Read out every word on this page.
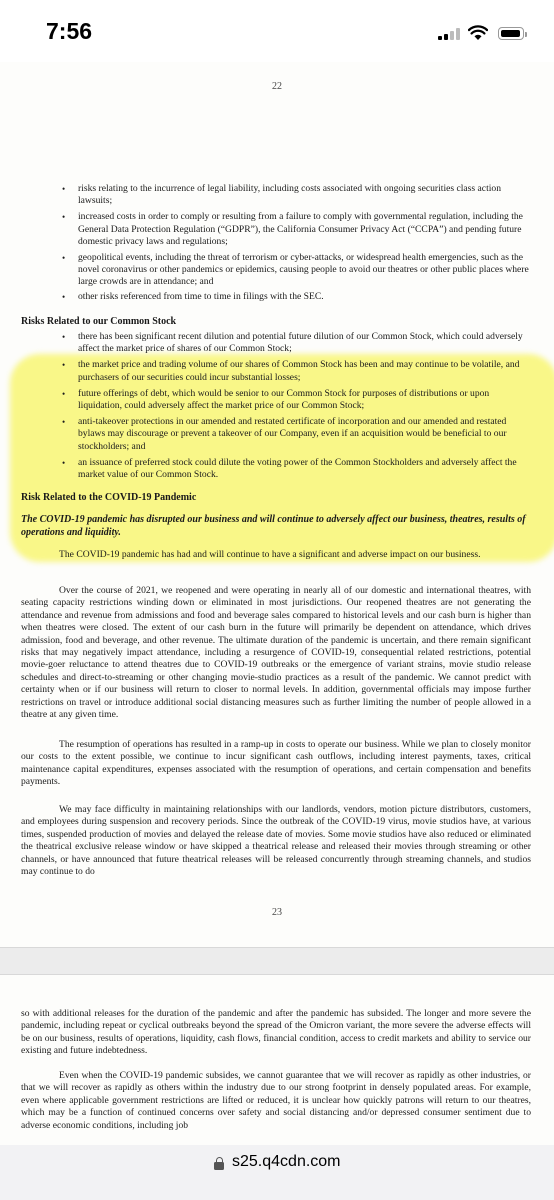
7:56
22
• risks relating to the incurrence of legal liability, including costs associated with ongoing securities class action lawsuits;
• increased costs in order to comply or resulting from a failure to comply with governmental regulation, including the General Data Protection Regulation (“GDPR”), the California Consumer Privacy Act (“CCPA”) and pending future domestic privacy laws and regulations;
• geopolitical events, including the threat of terrorism or cyber-attacks, or widespread health emergencies, such as the novel coronavirus or other pandemics or epidemics, causing people to avoid our theatres or other public places where large crowds are in attendance; and
• other risks referenced from time to time in filings with the SEC.
Risks Related to our Common Stock
• there has been significant recent dilution and potential future dilution of our Common Stock, which could adversely affect the market price of shares of our Common Stock;
• the market price and trading volume of our shares of Common Stock has been and may continue to be volatile, and purchasers of our securities could incur substantial losses;
• future offerings of debt, which would be senior to our Common Stock for purposes of distributions or upon liquidation, could adversely affect the market price of our Common Stock;
• anti-takeover protections in our amended and restated certificate of incorporation and our amended and restated bylaws may discourage or prevent a takeover of our Company, even if an acquisition would be beneficial to our stockholders; and
• an issuance of preferred stock could dilute the voting power of the Common Stockholders and adversely affect the market value of our Common Stock.
Risk Related to the COVID-19 Pandemic
The COVID-19 pandemic has disrupted our business and will continue to adversely affect our business, theatres, results of operations and liquidity.

The COVID-19 pandemic has had and will continue to have a significant and adverse impact on our business.

Over the course of 2021, we reopened and were operating in nearly all of our domestic and international theatres, with seating capacity restrictions winding down or eliminated in most jurisdictions. Our reopened theatres are not generating the attendance and revenue from admissions and food and beverage sales compared to historical levels and our cash burn is higher than when theatres were closed. The extent of our cash burn in the future will primarily be dependent on attendance, which drives admission, food and beverage, and other revenue. The ultimate duration of the pandemic is uncertain, and there remain significant risks that may negatively impact attendance, including a resurgence of COVID-19, consequential related restrictions, potential movie-goer reluctance to attend theatres due to COVID-19 outbreaks or the emergence of variant strains, movie studio release schedules and direct-to-streaming or other changing movie-studio practices as a result of the pandemic. We cannot predict with certainty when or if our business will return to closer to normal levels. In addition, governmental officials may impose further restrictions on travel or introduce additional social distancing measures such as further limiting the number of people allowed in a theatre at any given time.

The resumption of operations has resulted in a ramp-up in costs to operate our business. While we plan to closely monitor our costs to the extent possible, we continue to incur significant cash outflows, including interest payments, taxes, critical maintenance capital expenditures, expenses associated with the resumption of operations, and certain compensation and benefits payments.

We may face difficulty in maintaining relationships with our landlords, vendors, motion picture distributors, customers, and employees during suspension and recovery periods. Since the outbreak of the COVID-19 virus, movie studios have, at various times, suspended production of movies and delayed the release date of movies. Some movie studios have also reduced or eliminated the theatrical exclusive release window or have skipped a theatrical release and released their movies through streaming or other channels, or have announced that future theatrical releases will be released concurrently through streaming channels, and studios may continue to do

23

so with additional releases for the duration of the pandemic and after the pandemic has subsided. The longer and more severe the pandemic, including repeat or cyclical outbreaks beyond the spread of the Omicron variant, the more severe the adverse effects will be on our business, results of operations, liquidity, cash flows, financial condition, access to credit markets and ability to service our existing and future indebtedness.

Even when the COVID-19 pandemic subsides, we cannot guarantee that we will recover as rapidly as other industries, or that we will recover as rapidly as others within the industry due to our strong footprint in densely populated areas. For example, even where applicable government restrictions are lifted or reduced, it is unclear how quickly patrons will return to our theatres, which may be a function of continued concerns over safety and social distancing and/or depressed consumer sentiment due to adverse economic conditions, including job

s25.q4cdn.com
